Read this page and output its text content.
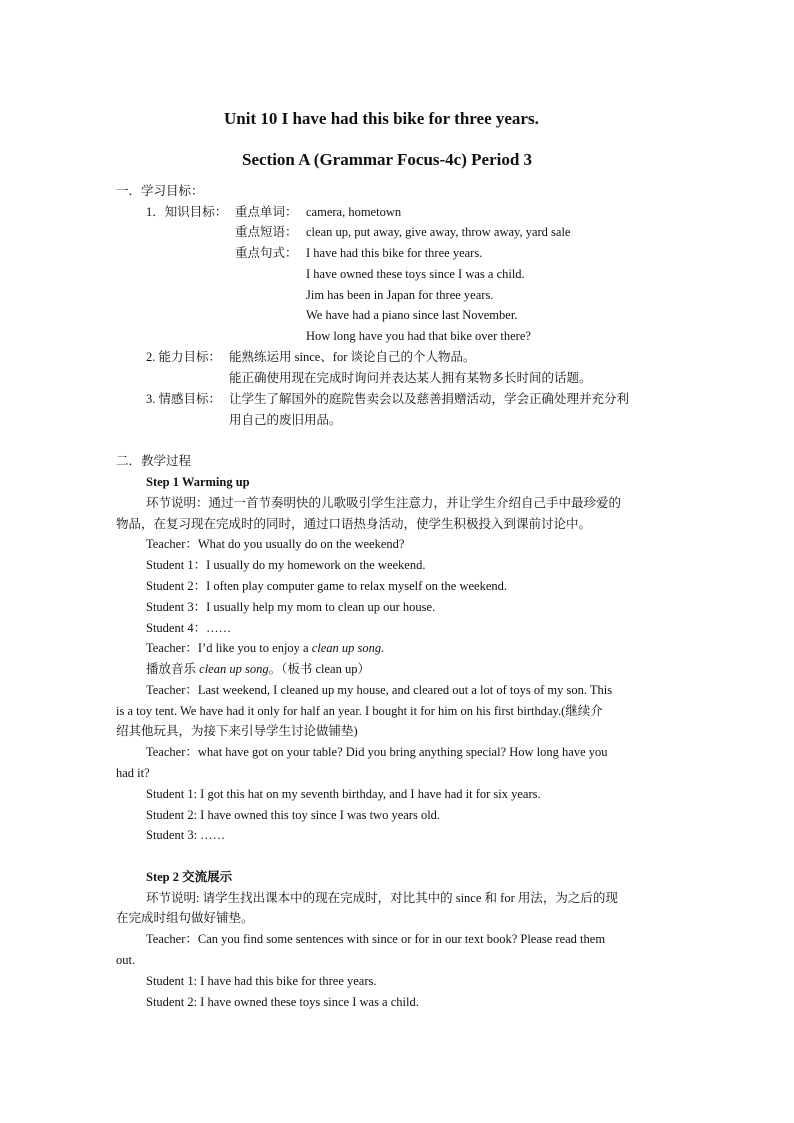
Unit 10 I have had this bike for three years.
Section A (Grammar Focus-4c) Period 3
一．学习目标：
1．知识目标： 重点单词： camera, hometown
重点短语： clean up, put away, give away, throw away, yard sale
重点句式： I have had this bike for three years.
I have owned these toys since I was a child.
Jim has been in Japan for three years.
We have had a piano since last November.
How long have you had that bike over there?
2. 能力目标： 能熟练运用 since、for 谈论自己的个人物品。
能正确使用现在完成时询问并表达某人拥有某物多长时间的话题。
3. 情感目标： 让学生了解国外的庭院售卖会以及慈善捐赠活动，学会正确处理并充分利
用自己的废旧用品。
二．教学过程
Step 1 Warming up
环节说明：通过一首节奏明快的儿歌吸引学生注意力，并让学生介绍自己手中最珍爱的
物品，在复习现在完成时的同时，通过口语热身活动，使学生积极投入到课前讨论中。
Teacher：What do you usually do on the weekend?
Student 1：I usually do my homework on the weekend.
Student 2：I often play computer game to relax myself on the weekend.
Student 3：I usually help my mom to clean up our house.
Student 4：……
Teacher：I’d like you to enjoy a clean up song.
播放音乐 clean up song。（板书 clean up）
Teacher：Last weekend, I cleaned up my house, and cleared out a lot of toys of my son. This
is a toy tent. We have had it only for half an year. I bought it for him on his first birthday.(继续介
绍其他玩具，为接下来引导学生讨论做铺垫)
Teacher：what have got on your table? Did you bring anything special? How long have you
had it?
Student 1: I got this hat on my seventh birthday, and I have had it for six years.
Student 2: I have owned this toy since I was two years old.
Student 3: ……
Step 2 交流展示
环节说明: 请学生找出课本中的现在完成时，对比其中的 since 和 for 用法，为之后的现
在完成时组句做好铺垫。
Teacher：Can you find some sentences with since or for in our text book? Please read them
out.
Student 1: I have had this bike for three years.
Student 2: I have owned these toys since I was a child.
